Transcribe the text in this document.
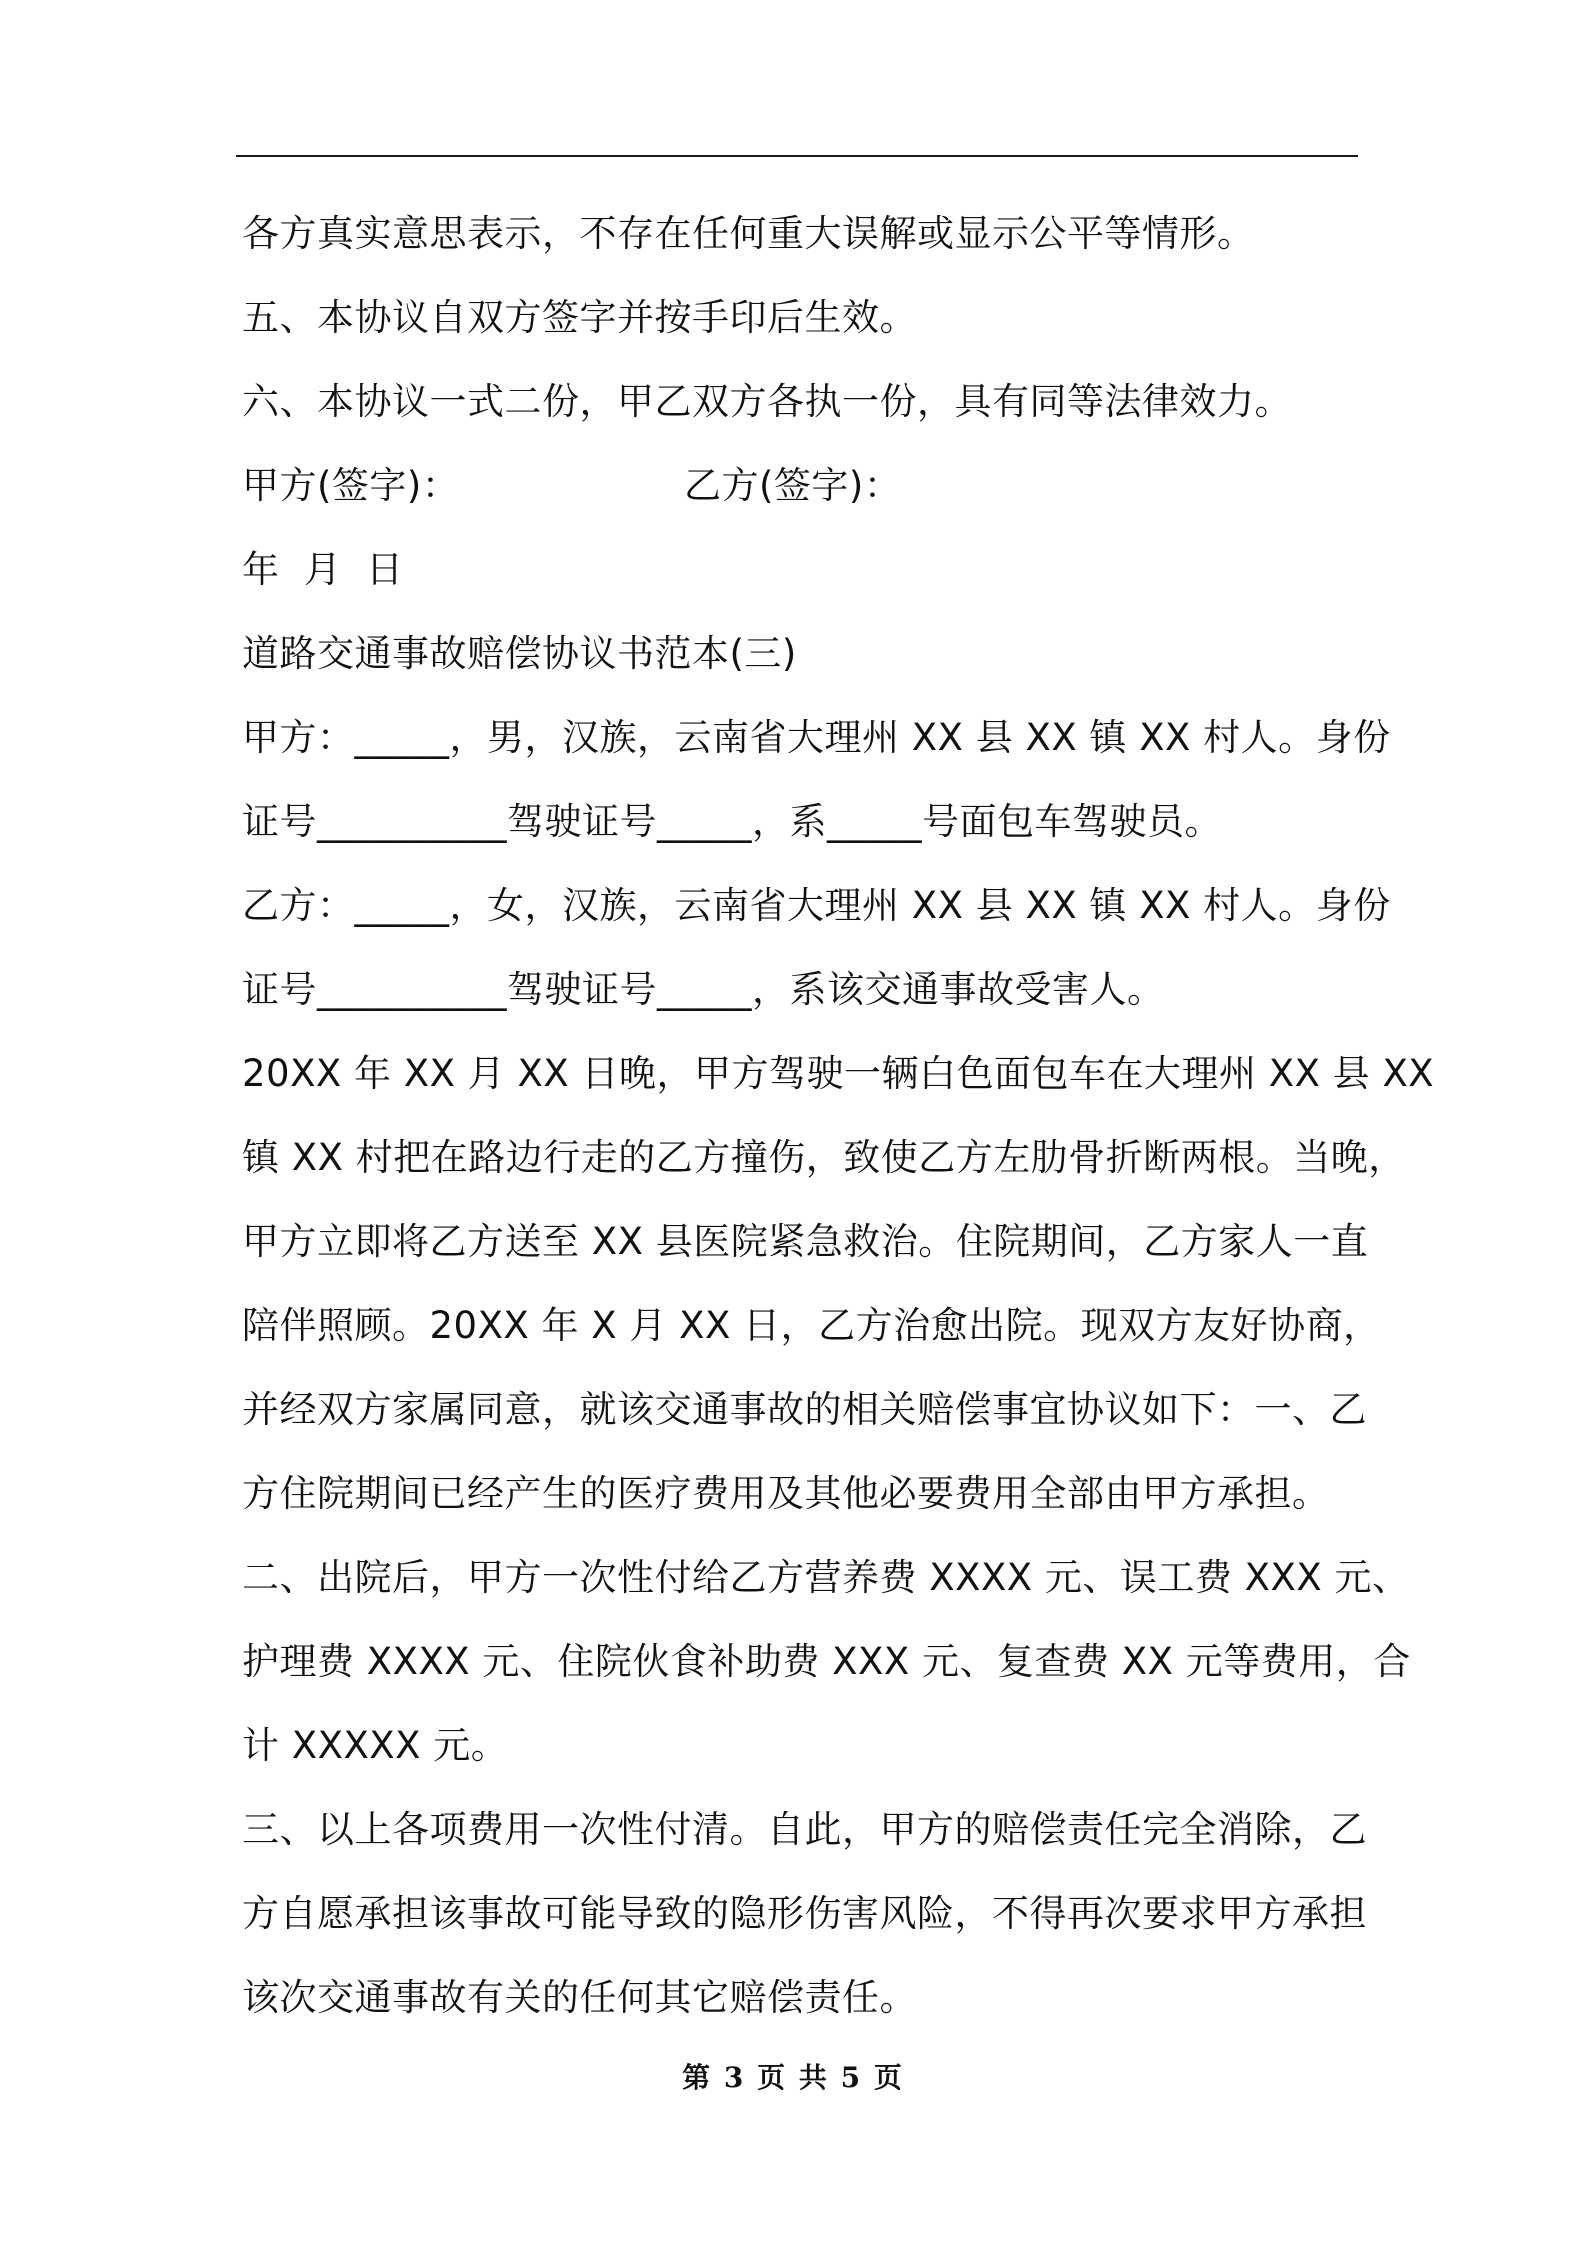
各方真实意思表示，不存在任何重大误解或显示公平等情形。
五、本协议自双方签字并按手印后生效。
六、本协议一式二份，甲乙双方各执一份，具有同等法律效力。
甲方(签字)：	乙方(签字)：
年  月  日
道路交通事故赔偿协议书范本(三)
甲方：_____，男，汉族，云南省大理州 XX 县 XX 镇 XX 村人。身份
证号__________驾驶证号_____，系_____号面包车驾驶员。
乙方：_____，女，汉族，云南省大理州 XX 县 XX 镇 XX 村人。身份
证号__________驾驶证号_____，系该交通事故受害人。
20XX 年 XX 月 XX 日晚，甲方驾驶一辆白色面包车在大理州 XX 县 XX
镇 XX 村把在路边行走的乙方撞伤，致使乙方左肋骨折断两根。当晚，
甲方立即将乙方送至 XX 县医院紧急救治。住院期间，乙方家人一直
陪伴照顾。20XX 年 X 月 XX 日，乙方治愈出院。现双方友好协商，
并经双方家属同意，就该交通事故的相关赔偿事宜协议如下：一、乙
方住院期间已经产生的医疗费用及其他必要费用全部由甲方承担。
二、出院后，甲方一次性付给乙方营养费 XXXX 元、误工费 XXX 元、
护理费 XXXX 元、住院伙食补助费 XXX 元、复查费 XX 元等费用，合
计 XXXXX 元。
三、以上各项费用一次性付清。自此，甲方的赔偿责任完全消除，乙
方自愿承担该事故可能导致的隐形伤害风险，不得再次要求甲方承担
该次交通事故有关的任何其它赔偿责任。
第 3 页 共 5 页
